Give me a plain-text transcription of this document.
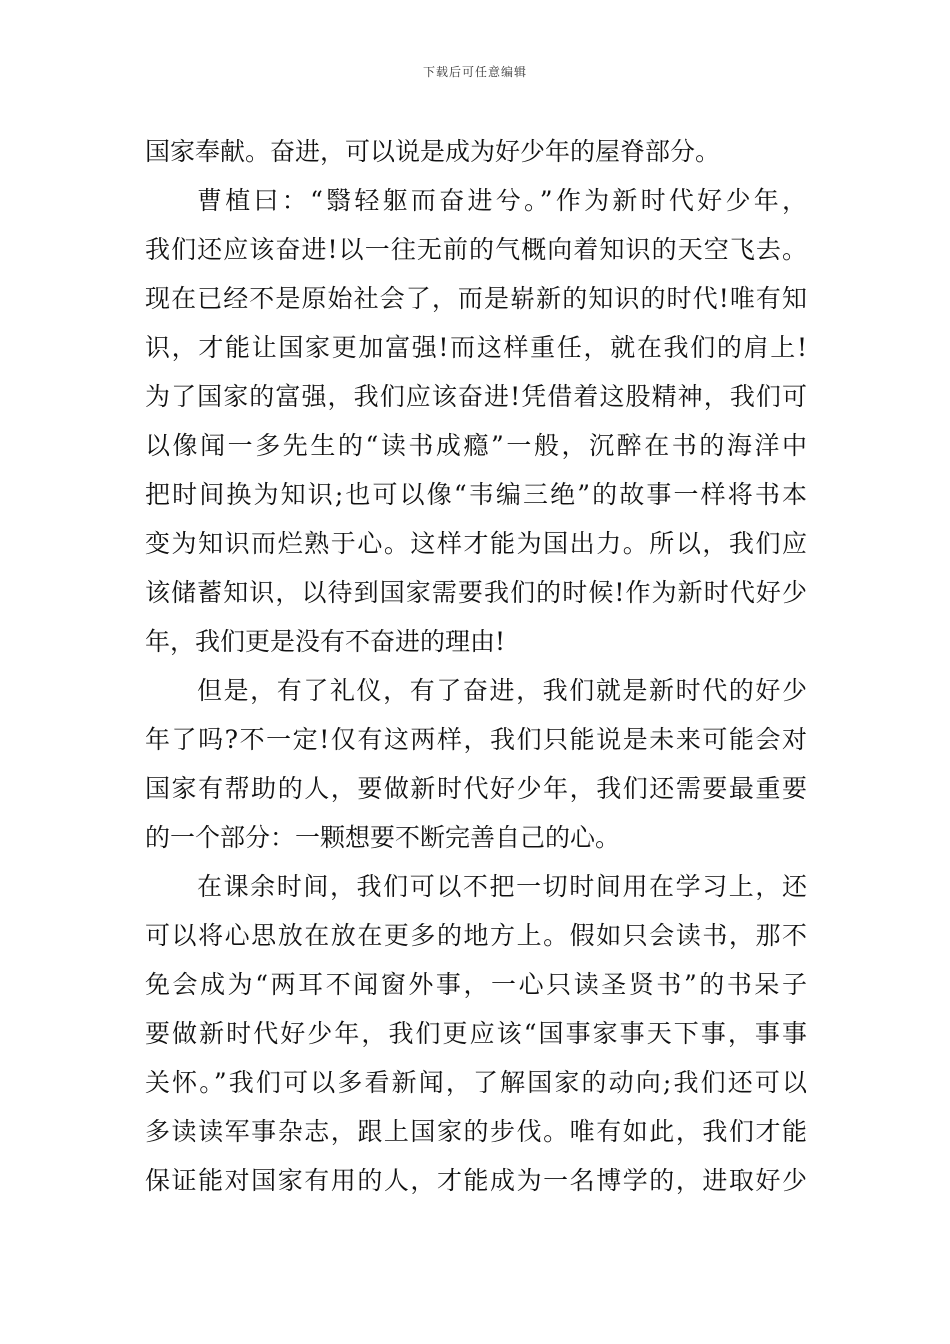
下载后可任意编辑
国家奉献。奋进，可以说是成为好少年的屋脊部分。
曹植曰：“翳轻躯而奋进兮。”作为新时代好少年，
我们还应该奋进!以一往无前的气概向着知识的天空飞去。
现在已经不是原始社会了，而是崭新的知识的时代!唯有知
识，才能让国家更加富强!而这样重任，就在我们的肩上!
为了国家的富强，我们应该奋进!凭借着这股精神，我们可
以像闻一多先生的“读书成瘾”一般，沉醉在书的海洋中
把时间换为知识;也可以像“韦编三绝”的故事一样将书本
变为知识而烂熟于心。这样才能为国出力。所以，我们应
该储蓄知识，以待到国家需要我们的时候!作为新时代好少
年，我们更是没有不奋进的理由!
但是，有了礼仪，有了奋进，我们就是新时代的好少
年了吗?不一定!仅有这两样，我们只能说是未来可能会对
国家有帮助的人，要做新时代好少年，我们还需要最重要
的一个部分：一颗想要不断完善自己的心。
在课余时间，我们可以不把一切时间用在学习上，还
可以将心思放在放在更多的地方上。假如只会读书，那不
免会成为“两耳不闻窗外事，一心只读圣贤书”的书呆子
要做新时代好少年，我们更应该“国事家事天下事，事事
关怀。”我们可以多看新闻，了解国家的动向;我们还可以
多读读军事杂志，跟上国家的步伐。唯有如此，我们才能
保证能对国家有用的人，才能成为一名博学的，进取好少
